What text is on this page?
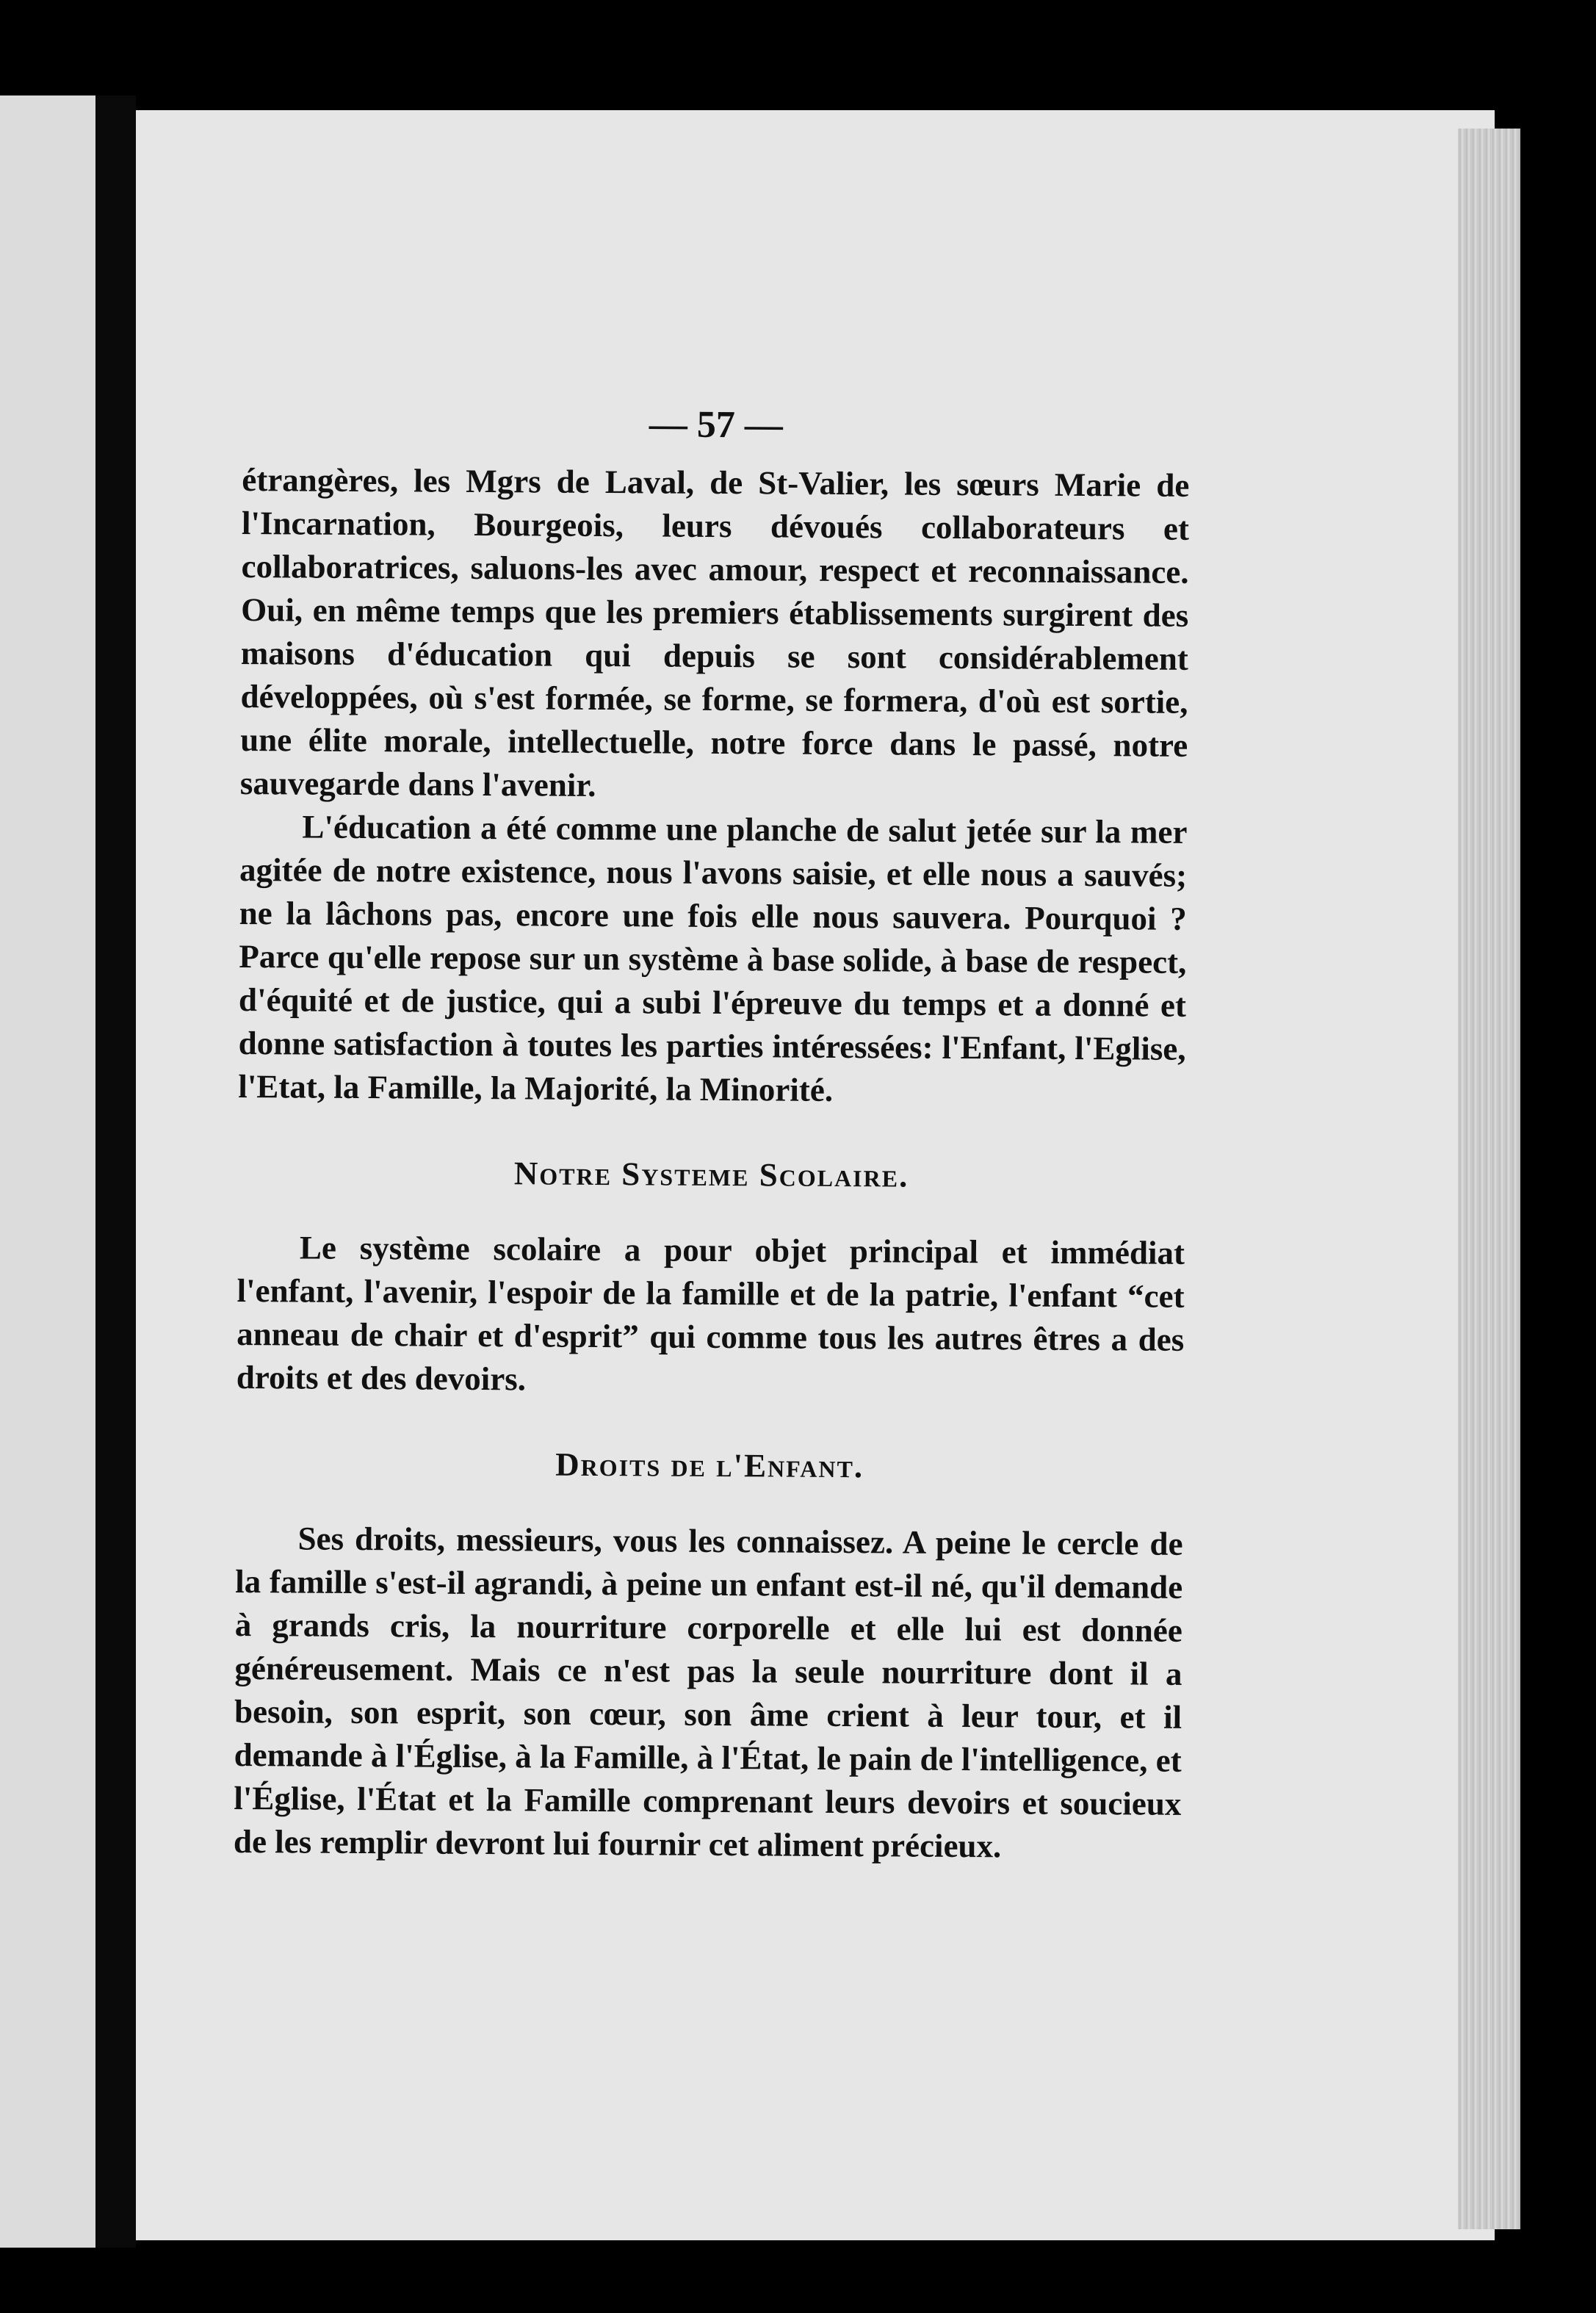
— 57 —

étrangères, les Mgrs de Laval, de St-Valier, les sœurs Marie de l'Incarnation, Bourgeois, leurs dévoués collaborateurs et collaboratrices, saluons-les avec amour, respect et reconnaissance. Oui, en même temps que les premiers établissements surgirent des maisons d'éducation qui depuis se sont considérablement développées, où s'est formée, se forme, se formera, d'où est sortie, une élite morale, intellectuelle, notre force dans le passé, notre sauvegarde dans l'avenir.

L'éducation a été comme une planche de salut jetée sur la mer agitée de notre existence, nous l'avons saisie, et elle nous a sauvés; ne la lâchons pas, encore une fois elle nous sauvera. Pourquoi ? Parce qu'elle repose sur un système à base solide, à base de respect, d'équité et de justice, qui a subi l'épreuve du temps et a donné et donne satisfaction à toutes les parties intéressées: l'Enfant, l'Eglise, l'Etat, la Famille, la Majorité, la Minorité.

Notre Systeme Scolaire.

Le système scolaire a pour objet principal et immédiat l'enfant, l'avenir, l'espoir de la famille et de la patrie, l'enfant “cet anneau de chair et d'esprit” qui comme tous les autres êtres a des droits et des devoirs.

Droits de l'Enfant.

Ses droits, messieurs, vous les connaissez. A peine le cercle de la famille s'est-il agrandi, à peine un enfant est-il né, qu'il demande à grands cris, la nourriture corporelle et elle lui est donnée généreusement. Mais ce n'est pas la seule nourriture dont il a besoin, son esprit, son cœur, son âme crient à leur tour, et il demande à l'Église, à la Famille, à l'État, le pain de l'intelligence, et l'Église, l'État et la Famille comprenant leurs devoirs et soucieux de les remplir devront lui fournir cet aliment précieux.
